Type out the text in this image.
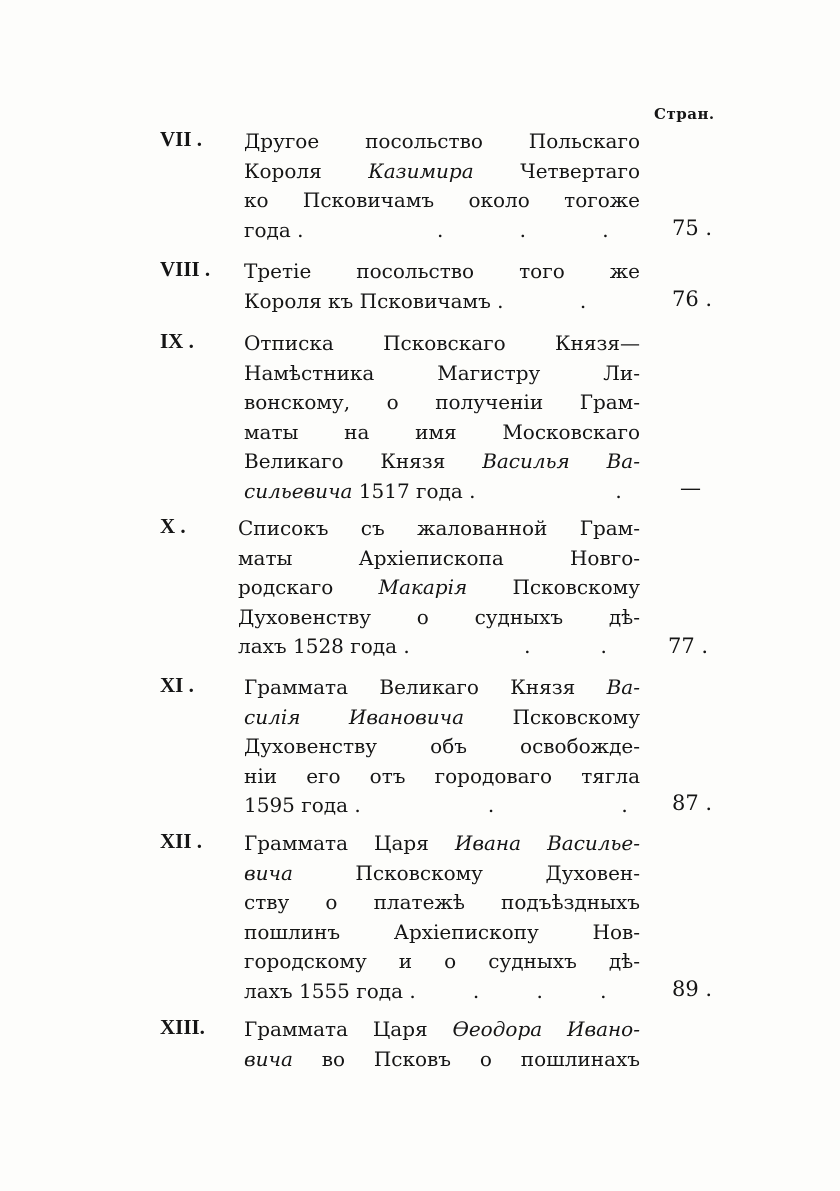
Стран.
VII . Другое посольство Польскаго
Короля Казимира Четвертаго
ко Псковичамъ около тогоже
года .                     .            .            .	75 .
VIII . Третіе посольство того же
Короля къ Псковичамъ .            .	76 .
IX .	Отписка Псковскаго Князя—
Намѣстника Магистру Ли-
вонскому, о полученіи Грам-
маты на имя Московскаго
Великаго Князя Василья Ва-
сильевича 1517 года .                      .	—
X .	Списокъ съ жалованной Грам-
маты Архіепископа Новго-
родскаго Макарія Псковскому
Духовенству о судныхъ дѣ-
лахъ 1528 года .                  .           .	77 .
XI .	Граммата Великаго Князя Ва-
силія Ивановича Псковскому
Духовенству объ освобожде-
ніи его отъ городоваго тягла
1595 года .                    .                    .	87 .
XII . Граммата Царя Ивана Василье-
вича Псковскому Духовен-
ству о платежѣ подъѣздныхъ
пошлинъ Архіепископу Нов-
городскому и о судныхъ дѣ-
лахъ 1555 года .         .         .         .	89 .
XIII. Граммата Царя Өеодора Ивано-
вича во Псковъ о пошлинахъ
